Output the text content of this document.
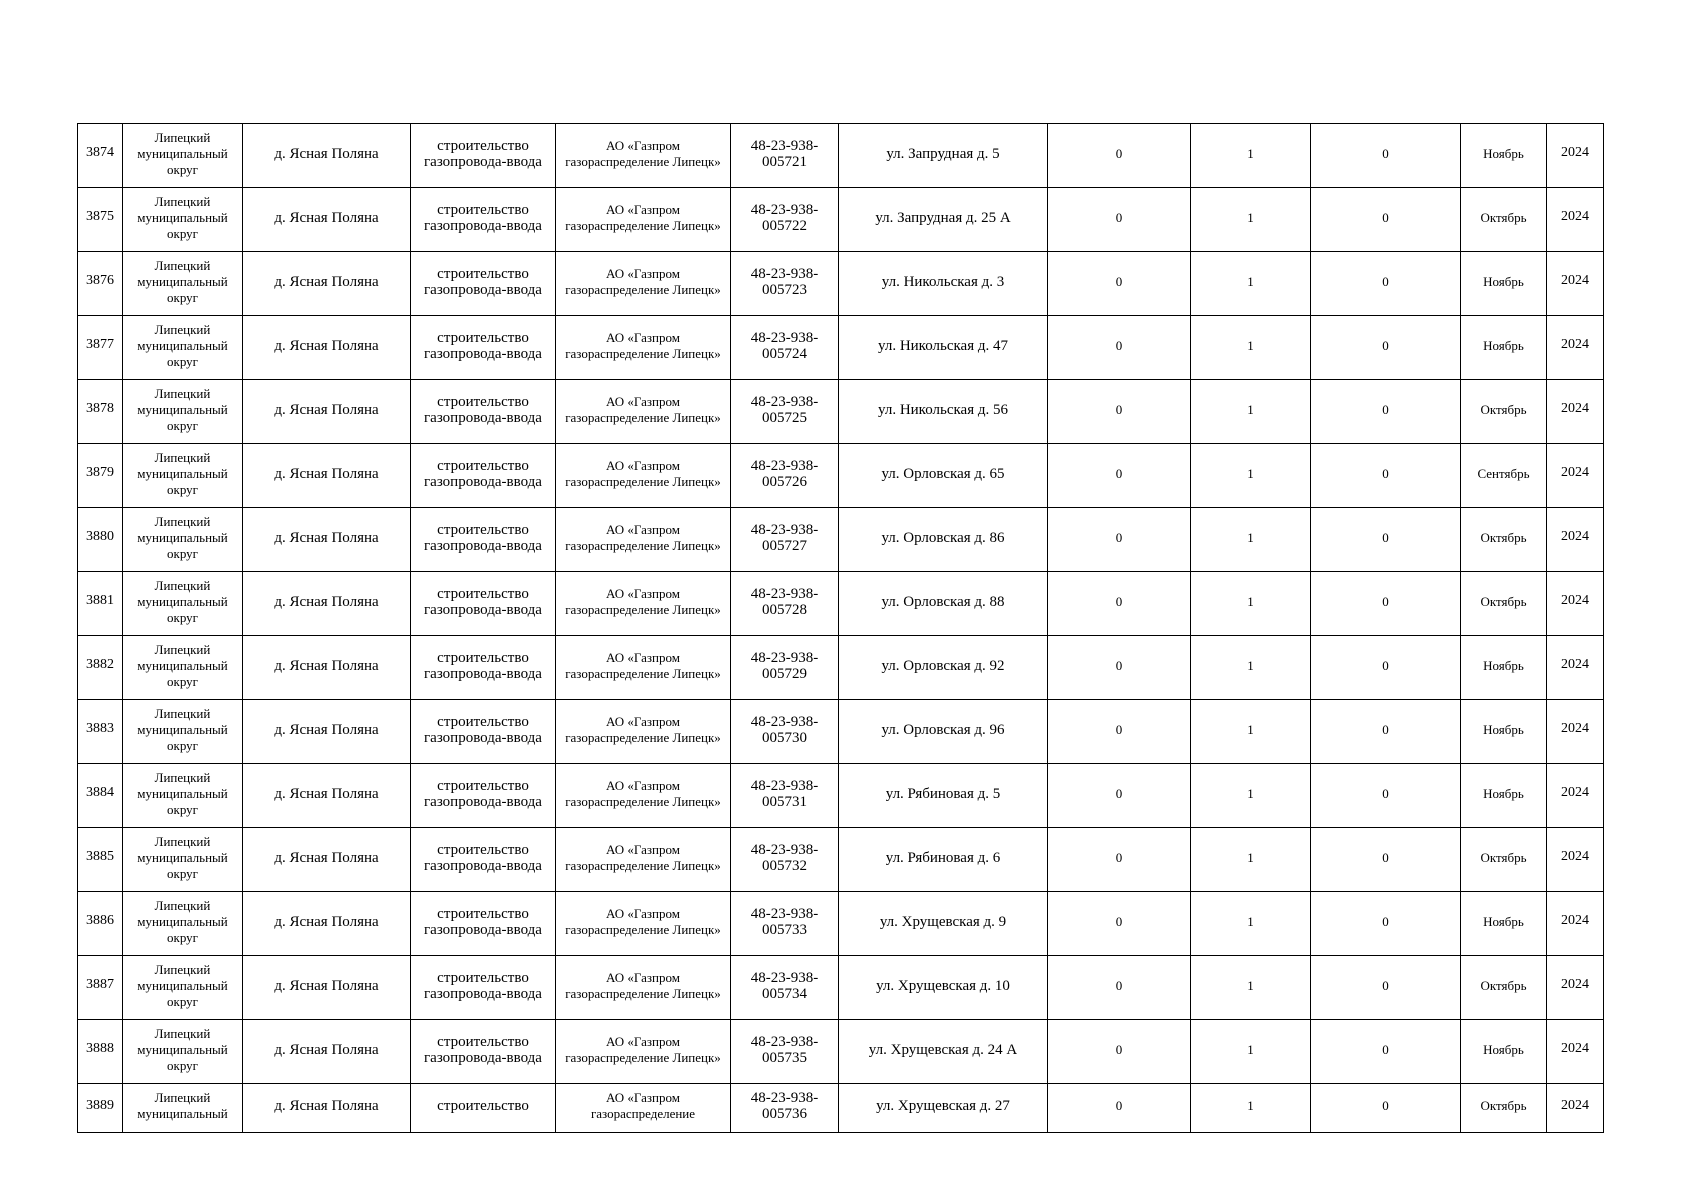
3874	Липецкий муниципальный округ	д. Ясная Поляна	строительство газопровода-ввода	АО «Газпром газораспределение Липецк»	48-23-938-005721	ул. Запрудная д. 5	0	1	0	Ноябрь	2024
3875	Липецкий муниципальный округ	д. Ясная Поляна	строительство газопровода-ввода	АО «Газпром газораспределение Липецк»	48-23-938-005722	ул. Запрудная д. 25 А	0	1	0	Октябрь	2024
3876	Липецкий муниципальный округ	д. Ясная Поляна	строительство газопровода-ввода	АО «Газпром газораспределение Липецк»	48-23-938-005723	ул. Никольская д. 3	0	1	0	Ноябрь	2024
3877	Липецкий муниципальный округ	д. Ясная Поляна	строительство газопровода-ввода	АО «Газпром газораспределение Липецк»	48-23-938-005724	ул. Никольская д. 47	0	1	0	Ноябрь	2024
3878	Липецкий муниципальный округ	д. Ясная Поляна	строительство газопровода-ввода	АО «Газпром газораспределение Липецк»	48-23-938-005725	ул. Никольская д. 56	0	1	0	Октябрь	2024
3879	Липецкий муниципальный округ	д. Ясная Поляна	строительство газопровода-ввода	АО «Газпром газораспределение Липецк»	48-23-938-005726	ул. Орловская д. 65	0	1	0	Сентябрь	2024
3880	Липецкий муниципальный округ	д. Ясная Поляна	строительство газопровода-ввода	АО «Газпром газораспределение Липецк»	48-23-938-005727	ул. Орловская д. 86	0	1	0	Октябрь	2024
3881	Липецкий муниципальный округ	д. Ясная Поляна	строительство газопровода-ввода	АО «Газпром газораспределение Липецк»	48-23-938-005728	ул. Орловская д. 88	0	1	0	Октябрь	2024
3882	Липецкий муниципальный округ	д. Ясная Поляна	строительство газопровода-ввода	АО «Газпром газораспределение Липецк»	48-23-938-005729	ул. Орловская д. 92	0	1	0	Ноябрь	2024
3883	Липецкий муниципальный округ	д. Ясная Поляна	строительство газопровода-ввода	АО «Газпром газораспределение Липецк»	48-23-938-005730	ул. Орловская д. 96	0	1	0	Ноябрь	2024
3884	Липецкий муниципальный округ	д. Ясная Поляна	строительство газопровода-ввода	АО «Газпром газораспределение Липецк»	48-23-938-005731	ул. Рябиновая д. 5	0	1	0	Ноябрь	2024
3885	Липецкий муниципальный округ	д. Ясная Поляна	строительство газопровода-ввода	АО «Газпром газораспределение Липецк»	48-23-938-005732	ул. Рябиновая д. 6	0	1	0	Октябрь	2024
3886	Липецкий муниципальный округ	д. Ясная Поляна	строительство газопровода-ввода	АО «Газпром газораспределение Липецк»	48-23-938-005733	ул. Хрущевская д. 9	0	1	0	Ноябрь	2024
3887	Липецкий муниципальный округ	д. Ясная Поляна	строительство газопровода-ввода	АО «Газпром газораспределение Липецк»	48-23-938-005734	ул. Хрущевская д. 10	0	1	0	Октябрь	2024
3888	Липецкий муниципальный округ	д. Ясная Поляна	строительство газопровода-ввода	АО «Газпром газораспределение Липецк»	48-23-938-005735	ул. Хрущевская д. 24 А	0	1	0	Ноябрь	2024
3889	Липецкий муниципальный	д. Ясная Поляна	строительство	АО «Газпром газораспределение	48-23-938-005736	ул. Хрущевская д. 27	0	1	0	Октябрь	2024
